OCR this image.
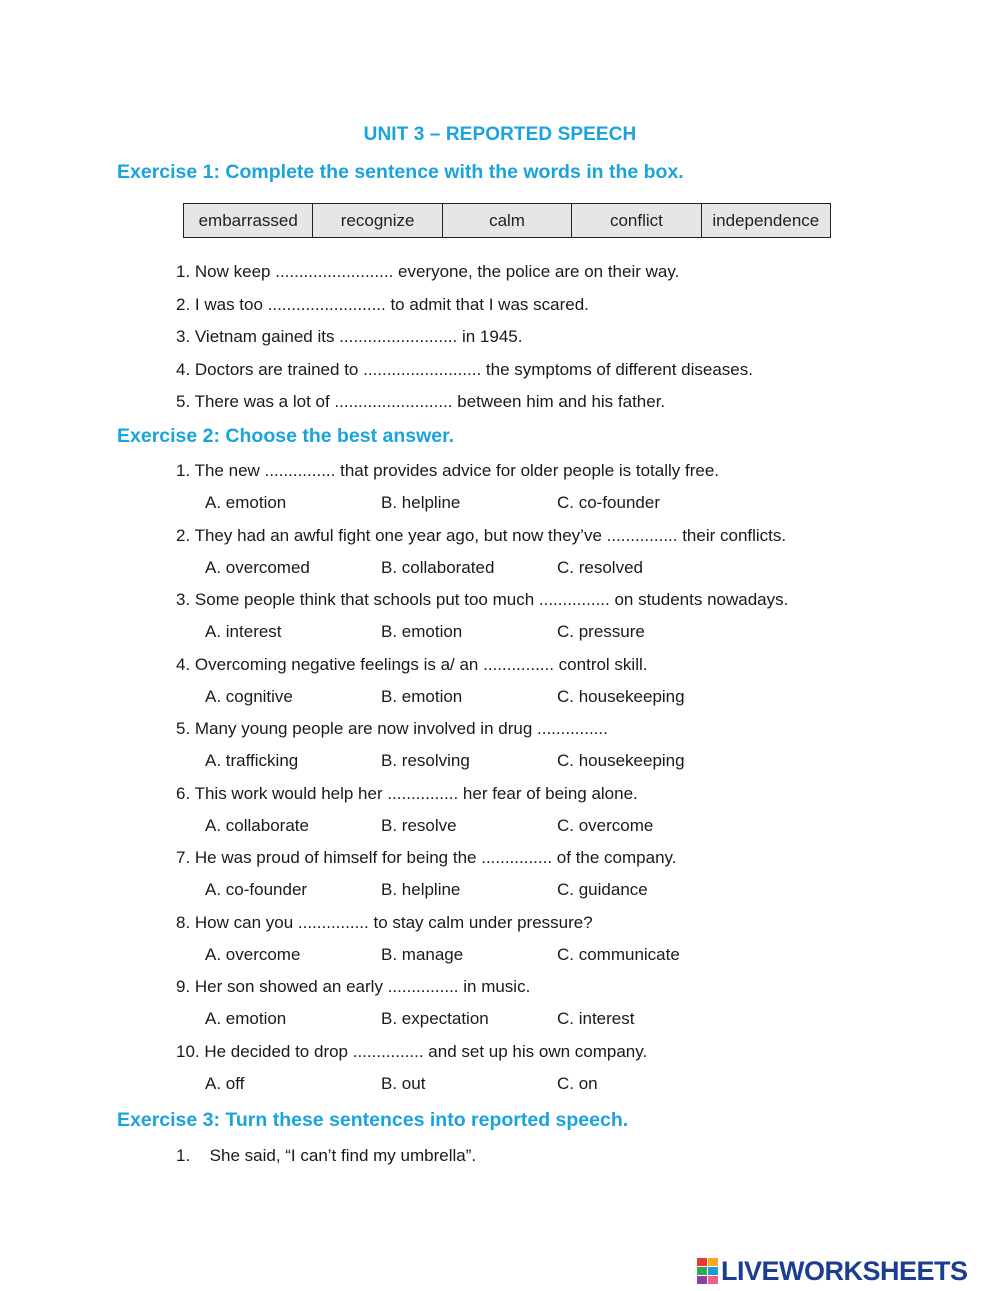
UNIT 3 – REPORTED SPEECH
Exercise 1: Complete the sentence with the words in the box.
embarrassed	recognize	calm	conflict	independence
1. Now keep ......................... everyone, the police are on their way.
2. I was too ......................... to admit that I was scared.
3. Vietnam gained its ......................... in 1945.
4. Doctors are trained to ......................... the symptoms of different diseases.
5. There was a lot of ......................... between him and his father.
Exercise 2: Choose the best answer.
1. The new ............... that provides advice for older people is totally free.
A. emotion	B. helpline	C. co-founder
2. They had an awful fight one year ago, but now they’ve ............... their conflicts.
A. overcomed	B. collaborated	C. resolved
3. Some people think that schools put too much ............... on students nowadays.
A. interest	B. emotion	C. pressure
4. Overcoming negative feelings is a/ an ............... control skill.
A. cognitive	B. emotion	C. housekeeping
5. Many young people are now involved in drug ...............
A. trafficking	B. resolving	C. housekeeping
6. This work would help her ............... her fear of being alone.
A. collaborate	B. resolve	C. overcome
7. He was proud of himself for being the ............... of the company.
A. co-founder	B. helpline	C. guidance
8. How can you ............... to stay calm under pressure?
A. overcome	B. manage	C. communicate
9. Her son showed an early ............... in music.
A. emotion	B. expectation	C. interest
10. He decided to drop ............... and set up his own company.
A. off	B. out	C. on
Exercise 3: Turn these sentences into reported speech.
1. She said, “I can’t find my umbrella”.
LIVEWORKSHEETS
